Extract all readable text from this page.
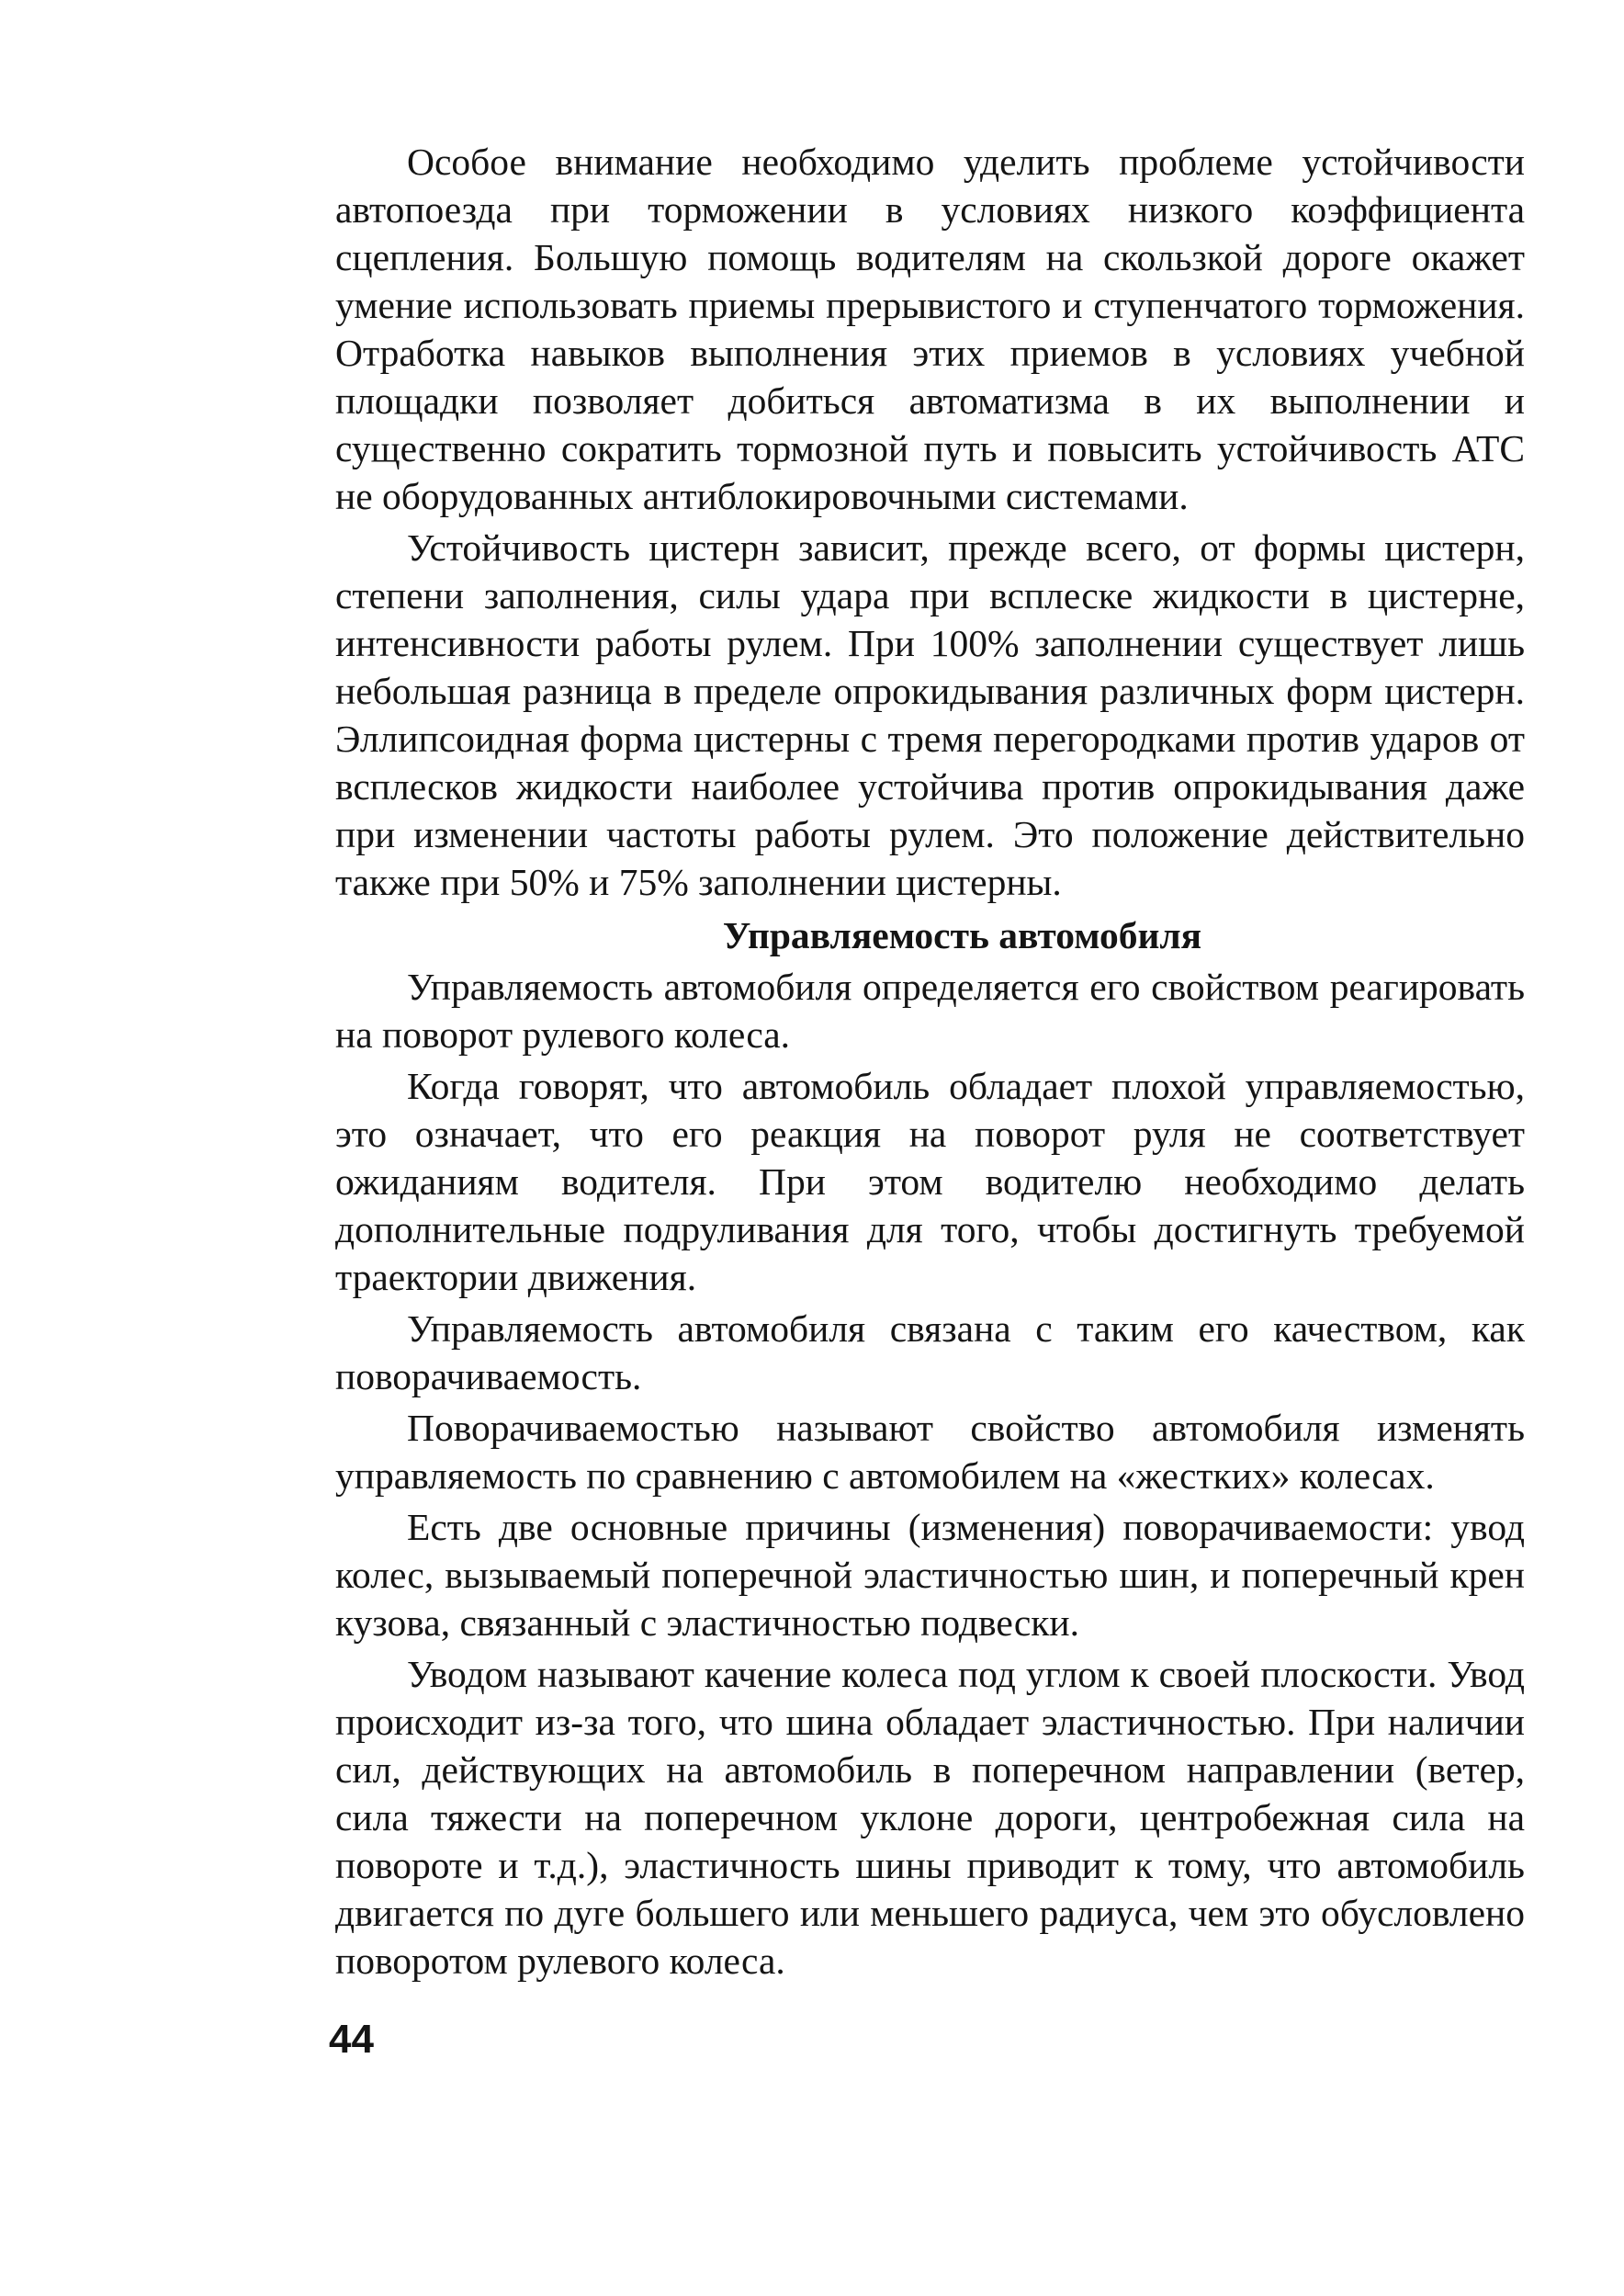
Особое внимание необходимо уделить проблеме устойчивости автопоезда при торможении в условиях низкого коэффициента сцепления. Большую помощь водителям на скользкой дороге окажет умение использовать приемы прерывистого и ступенчатого торможения. Отработка навыков выполнения этих приемов в условиях учебной площадки позволяет добиться автоматизма в их выполнении и существенно сократить тормозной путь и повысить устойчивость АТС не оборудованных антиблокировочными системами.

Устойчивость цистерн зависит, прежде всего, от формы цистерн, степени заполнения, силы удара при всплеске жидкости в цистерне, интенсивности работы рулем. При 100% заполнении существует лишь небольшая разница в пределе опрокидывания различных форм цистерн. Эллипсоидная форма цистерны с тремя перегородками против ударов от всплесков жидкости наиболее устойчива против опрокидывания даже при изменении частоты работы рулем. Это положение действительно также при 50% и 75% заполнении цистерны.

Управляемость автомобиля

Управляемость автомобиля определяется его свойством реагировать на поворот рулевого колеса.

Когда говорят, что автомобиль обладает плохой управляемостью, это означает, что его реакция на поворот руля не соответствует ожиданиям водителя. При этом водителю необходимо делать дополнительные подруливания для того, чтобы достигнуть требуемой траектории движения.

Управляемость автомобиля связана с таким его качеством, как поворачиваемость.

Поворачиваемостью называют свойство автомобиля изменять управляемость по сравнению с автомобилем на «жестких» колесах.

Есть две основные причины (изменения) поворачиваемости: увод колес, вызываемый поперечной эластичностью шин, и поперечный крен кузова, связанный с эластичностью подвески.

Уводом называют качение колеса под углом к своей плоскости. Увод происходит из-за того, что шина обладает эластичностью. При наличии сил, действующих на автомобиль в поперечном направлении (ветер, сила тяжести на поперечном уклоне дороги, центробежная сила на повороте и т.д.), эластичность шины приводит к тому, что автомобиль двигается по дуге большего или меньшего радиуса, чем это обусловлено поворотом рулевого колеса.

44
